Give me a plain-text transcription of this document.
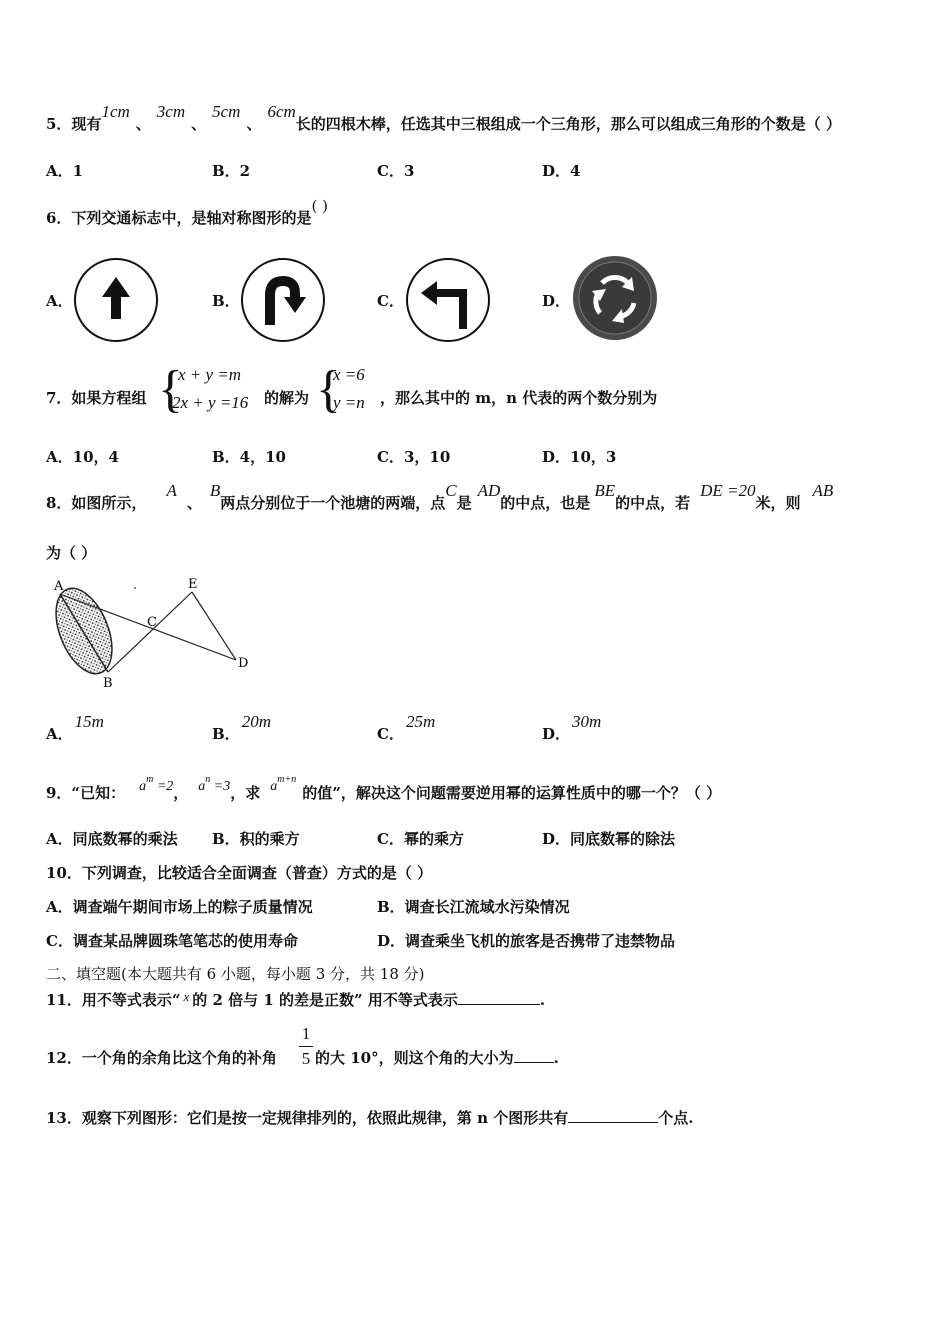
5．现有1cm、3cm、5cm、6cm长的四根木棒，任选其中三根组成一个三角形，那么可以组成三角形的个数是（ ）
A．1	B．2	C．3	D．4
6．下列交通标志中，是轴对称图形的是( )
A．	B．	C．	D．
7．如果方程组 {
x + y =m
2x + y =16 的解为 {
x =6
y =n ，那么其中的 m，n 代表的两个数分别为
A．10，4	B．4，10	C．3，10	D．10，3
8．如图所示，A、B两点分别位于一个池塘的两端，点C是AD的中点，也是BE的中点，若DE =20米，则AB
为（ ）
A	E
C
D
B
A．15m
B．20m
C．25m
D．30m
9．“已知： $a^m =2$， $a^n =3$，求 $a^{m+n}$的值”，解决这个问题需要逆用幂的运算性质中的哪一个？（ ）
A．同底数幂的乘法 B．积的乘方	C．幂的乘方	D．同底数幂的除法
10．下列调查，比较适合全面调查（普查）方式的是（ ）
A．调查端午期间市场上的粽子质量情况	B．调查长江流域水污染情况
C．调查某品牌圆珠笔笔芯的使用寿命	D．调查乘坐飞机的旅客是否携带了违禁物品
二、填空题(本大题共有 6 小题，每小题 3 分，共 18 分)
11．用不等式表示“ x 的 2 倍与 1 的差是正数” 用不等式表示	.
12．一个角的余角比这个角的补角
1
5 的大 10°，则这个角的大小为	.
13．观察下列图形：它们是按一定规律排列的，依照此规律，第 n 个图形共有	个点.
